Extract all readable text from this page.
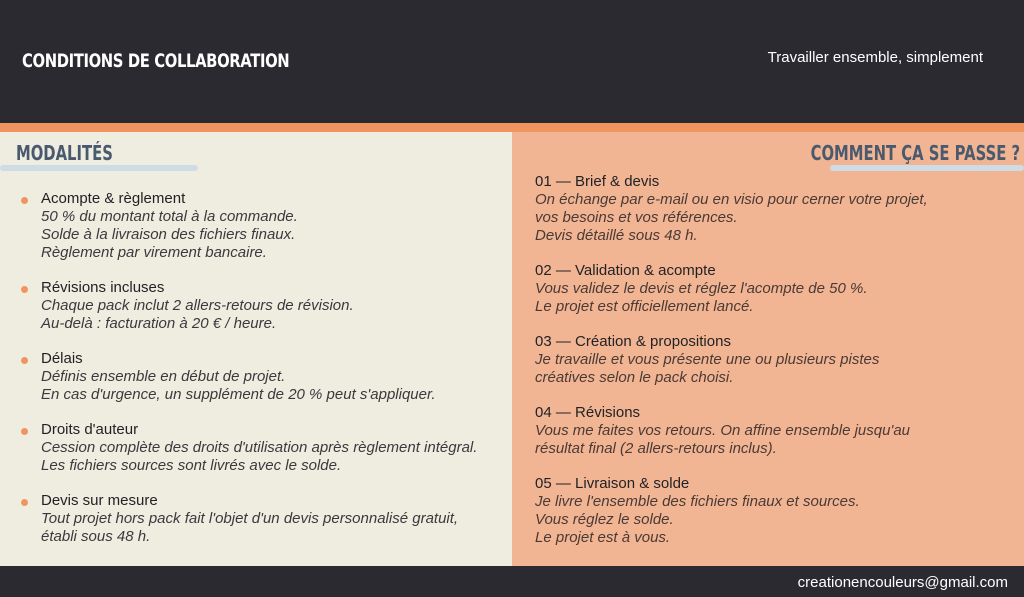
CONDITIONS DE COLLABORATION	Travailler ensemble, simplement
MODALITÉS
Acompte & règlement
50 % du montant total à la commande.
Solde à la livraison des fichiers finaux.
Règlement par virement bancaire.
Révisions incluses
Chaque pack inclut 2 allers-retours de révision.
Au-delà : facturation à 20 € / heure.
Délais
Définis ensemble en début de projet.
En cas d'urgence, un supplément de 20 % peut s'appliquer.
Droits d'auteur
Cession complète des droits d'utilisation après règlement intégral.
Les fichiers sources sont livrés avec le solde.
Devis sur mesure
Tout projet hors pack fait l'objet d'un devis personnalisé gratuit,
établi sous 48 h.
COMMENT ÇA SE PASSE ?
01 — Brief & devis
On échange par e-mail ou en visio pour cerner votre projet,
vos besoins et vos références.
Devis détaillé sous 48 h.
02 — Validation & acompte
Vous validez le devis et réglez l'acompte de 50 %.
Le projet est officiellement lancé.
03 — Création & propositions
Je travaille et vous présente une ou plusieurs pistes
créatives selon le pack choisi.
04 — Révisions
Vous me faites vos retours. On affine ensemble jusqu'au
résultat final (2 allers-retours inclus).
05 — Livraison & solde
Je livre l'ensemble des fichiers finaux et sources.
Vous réglez le solde.
Le projet est à vous.
creationencouleurs@gmail.com
